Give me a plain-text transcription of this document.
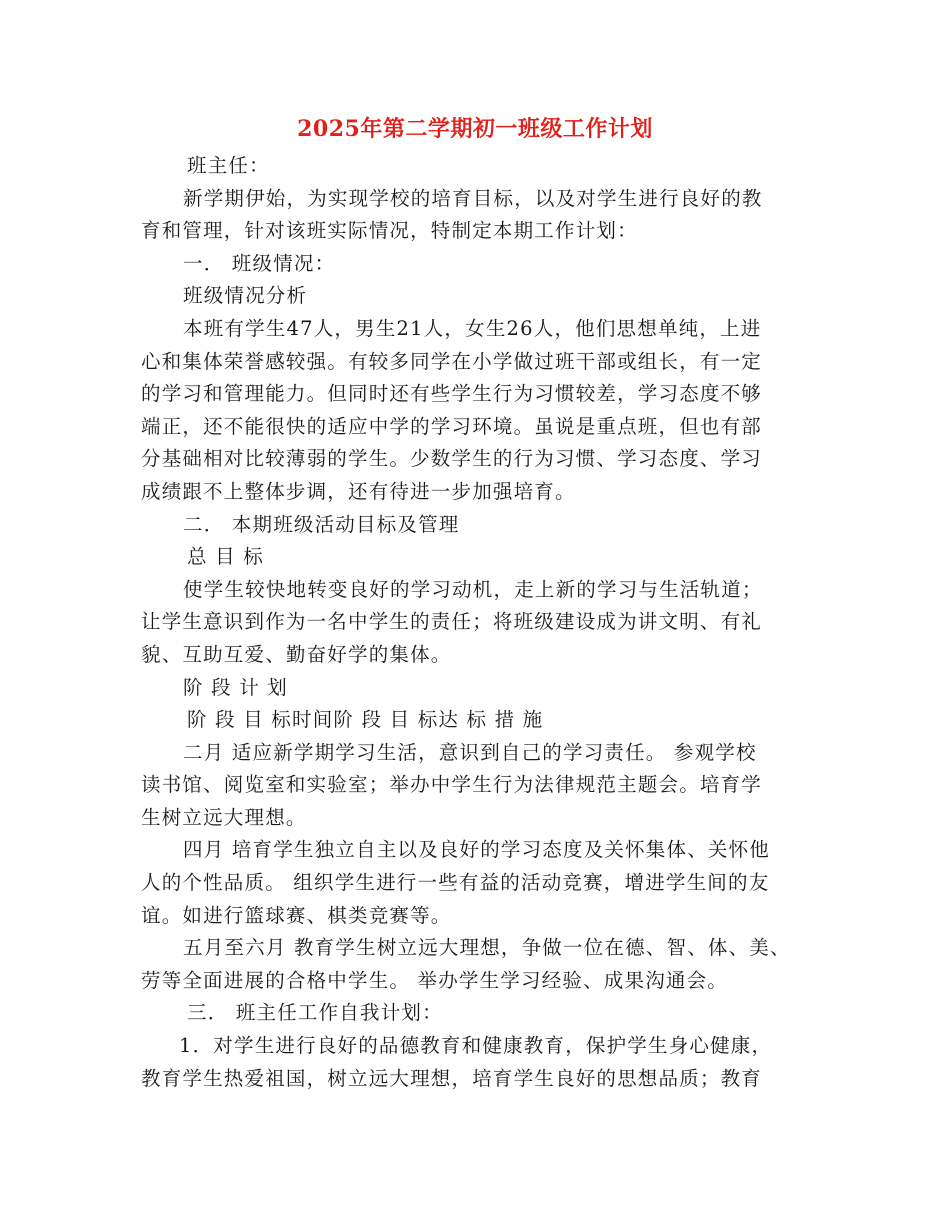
2025年第二学期初一班级工作计划
班主任：
新学期伊始，为实现学校的培育目标，以及对学生进行良好的教
育和管理，针对该班实际情况，特制定本期工作计划：
一． 班级情况：
班级情况分析
本班有学生47人，男生21人，女生26人，他们思想单纯，上进
心和集体荣誉感较强。有较多同学在小学做过班干部或组长，有一定
的学习和管理能力。但同时还有些学生行为习惯较差，学习态度不够
端正，还不能很快的适应中学的学习环境。虽说是重点班，但也有部
分基础相对比较薄弱的学生。少数学生的行为习惯、学习态度、学习
成绩跟不上整体步调，还有待进一步加强培育。
二． 本期班级活动目标及管理
总 目 标
使学生较快地转变良好的学习动机，走上新的学习与生活轨道；
让学生意识到作为一名中学生的责任；将班级建设成为讲文明、有礼
貌、互助互爱、勤奋好学的集体。
阶 段 计 划
阶 段 目 标时间阶 段 目 标达 标 措 施
二月 适应新学期学习生活，意识到自己的学习责任。 参观学校
读书馆、阅览室和实验室；举办中学生行为法律规范主题会。培育学
生树立远大理想。
四月 培育学生独立自主以及良好的学习态度及关怀集体、关怀他
人的个性品质。 组织学生进行一些有益的活动竞赛，增进学生间的友
谊。如进行篮球赛、棋类竞赛等。
五月至六月 教育学生树立远大理想，争做一位在德、智、体、美、
劳等全面进展的合格中学生。 举办学生学习经验、成果沟通会。
三． 班主任工作自我计划：
1．对学生进行良好的品德教育和健康教育，保护学生身心健康，
教育学生热爱祖国，树立远大理想，培育学生良好的思想品质；教育
